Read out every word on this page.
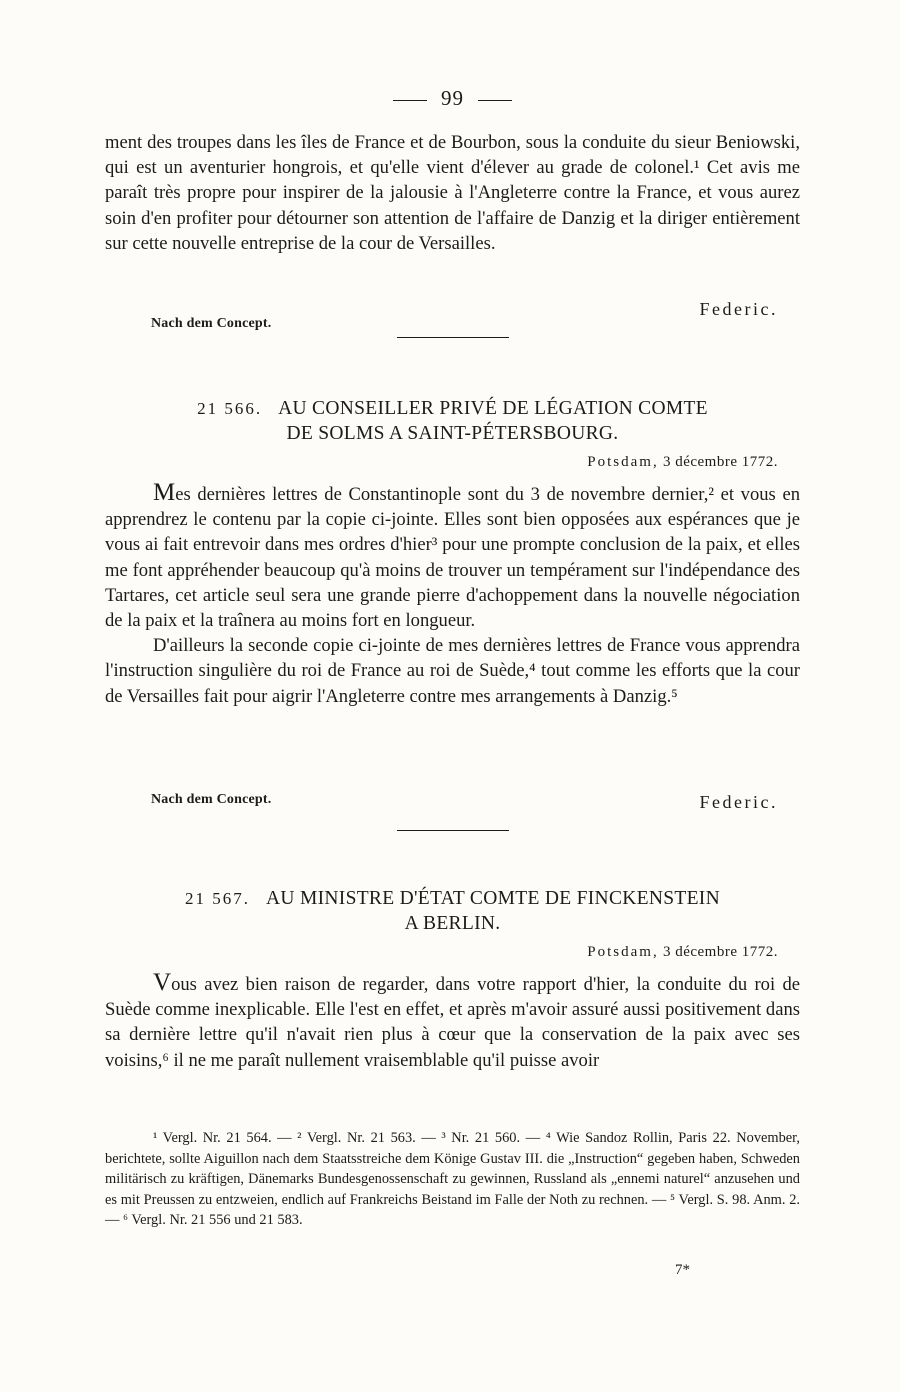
99

ment des troupes dans les îles de France et de Bourbon, sous la conduite du sieur Beniowski, qui est un aventurier hongrois, et qu'elle vient d'élever au grade de colonel.¹ Cet avis me paraît très propre pour inspirer de la jalousie à l'Angleterre contre la France, et vous aurez soin d'en profiter pour détourner son attention de l'affaire de Danzig et la diriger entièrement sur cette nouvelle entreprise de la cour de Versailles.

Nach dem Concept.
Federic.
21 566. AU CONSEILLER PRIVÉ DE LÉGATION COMTE
DE SOLMS A SAINT-PÉTERSBOURG.
Potsdam, 3 décembre 1772.

Mes dernières lettres de Constantinople sont du 3 de novembre dernier,² et vous en apprendrez le contenu par la copie ci-jointe. Elles sont bien opposées aux espérances que je vous ai fait entrevoir dans mes ordres d'hier³ pour une prompte conclusion de la paix, et elles me font appréhender beaucoup qu'à moins de trouver un tempérament sur l'indépendance des Tartares, cet article seul sera une grande pierre d'achoppement dans la nouvelle négociation de la paix et la traînera au moins fort en longueur.

D'ailleurs la seconde copie ci-jointe de mes dernières lettres de France vous apprendra l'instruction singulière du roi de France au roi de Suède,⁴ tout comme les efforts que la cour de Versailles fait pour aigrir l'Angleterre contre mes arrangements à Danzig.⁵

Nach dem Concept.	Federic.
21 567. AU MINISTRE D'ÉTAT COMTE DE FINCKENSTEIN
A BERLIN.
Potsdam, 3 décembre 1772.

Vous avez bien raison de regarder, dans votre rapport d'hier, la conduite du roi de Suède comme inexplicable. Elle l'est en effet, et après m'avoir assuré aussi positivement dans sa dernière lettre qu'il n'avait rien plus à cœur que la conservation de la paix avec ses voisins,⁶ il ne me paraît nullement vraisemblable qu'il puisse avoir

¹ Vergl. Nr. 21 564. — ² Vergl. Nr. 21 563. — ³ Nr. 21 560. — ⁴ Wie Sandoz Rollin, Paris 22. November, berichtete, sollte Aiguillon nach dem Staatsstreiche dem Könige Gustav III. die „Instruction“ gegeben haben, Schweden militärisch zu kräftigen, Dänemarks Bundesgenossenschaft zu gewinnen, Russland als „ennemi naturel“ anzusehen und es mit Preussen zu entzweien, endlich auf Frankreichs Beistand im Falle der Noth zu rechnen. — ⁵ Vergl. S. 98. Anm. 2. — ⁶ Vergl. Nr. 21 556 und 21 583.

7*
